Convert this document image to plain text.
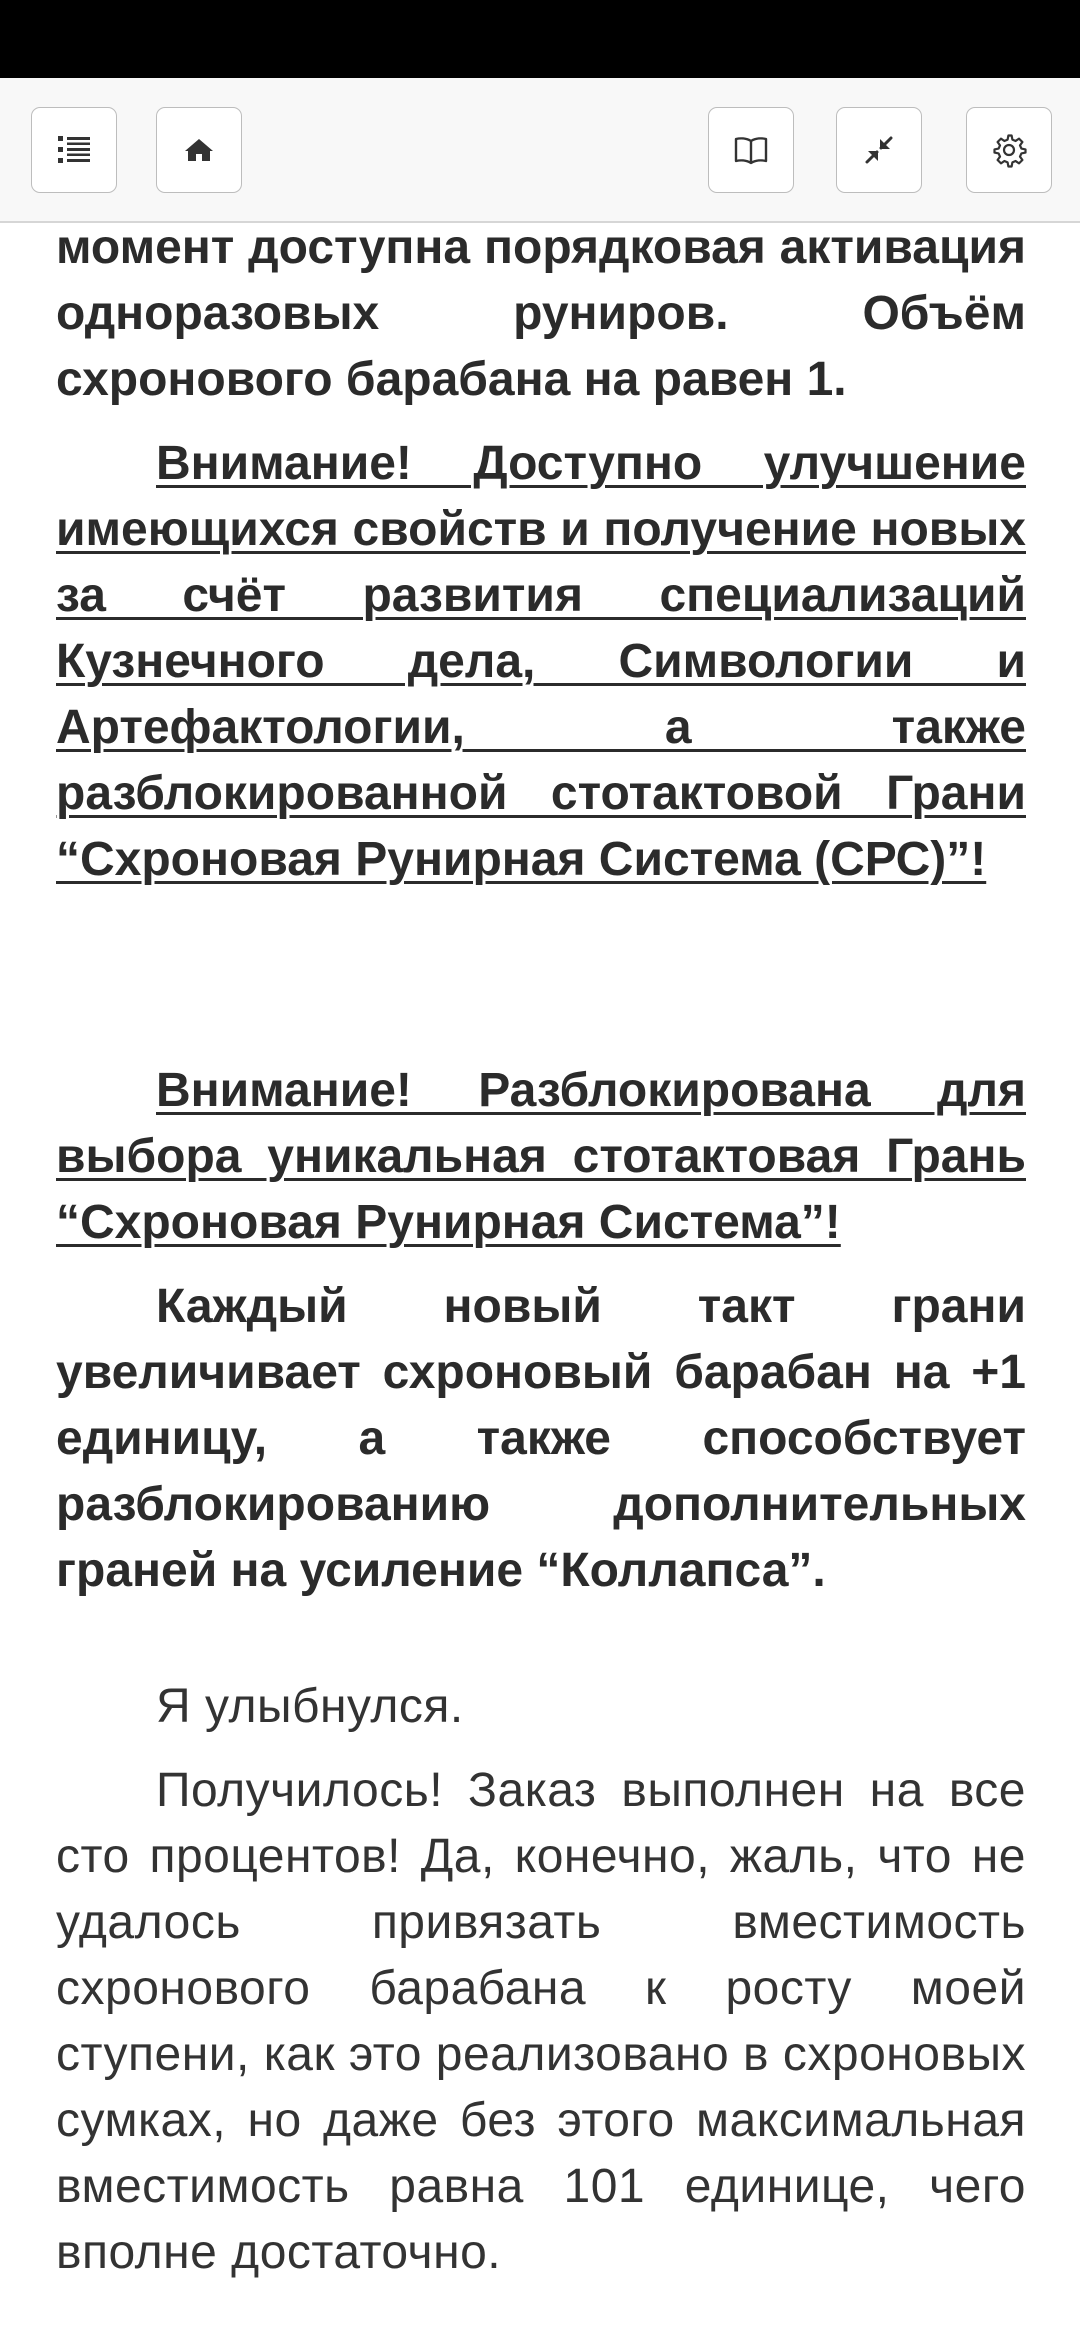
момент доступна порядковая активация одноразовых руниров. Объём схронового барабана на равен 1.

Внимание! Доступно улучшение имеющихся свойств и получение новых за счёт развития специализаций Кузнечного дела, Символогии и Артефактологии, а также разблокированной стотактовой Грани “Схроновая Рунирная Система (СРС)”!

Внимание! Разблокирована для выбора уникальная стотактовая Грань “Схроновая Рунирная Система”!

Каждый новый такт грани увеличивает схроновый барабан на +1 единицу, а также способствует разблокированию дополнительных граней на усиление “Коллапса”.

Я улыбнулся.

Получилось! Заказ выполнен на все сто процентов! Да, конечно, жаль, что не удалось привязать вместимость схронового барабана к росту моей ступени, как это реализовано в схроновых сумках, но даже без этого максимальная вместимость равна 101 единице, чего вполне достаточно.
